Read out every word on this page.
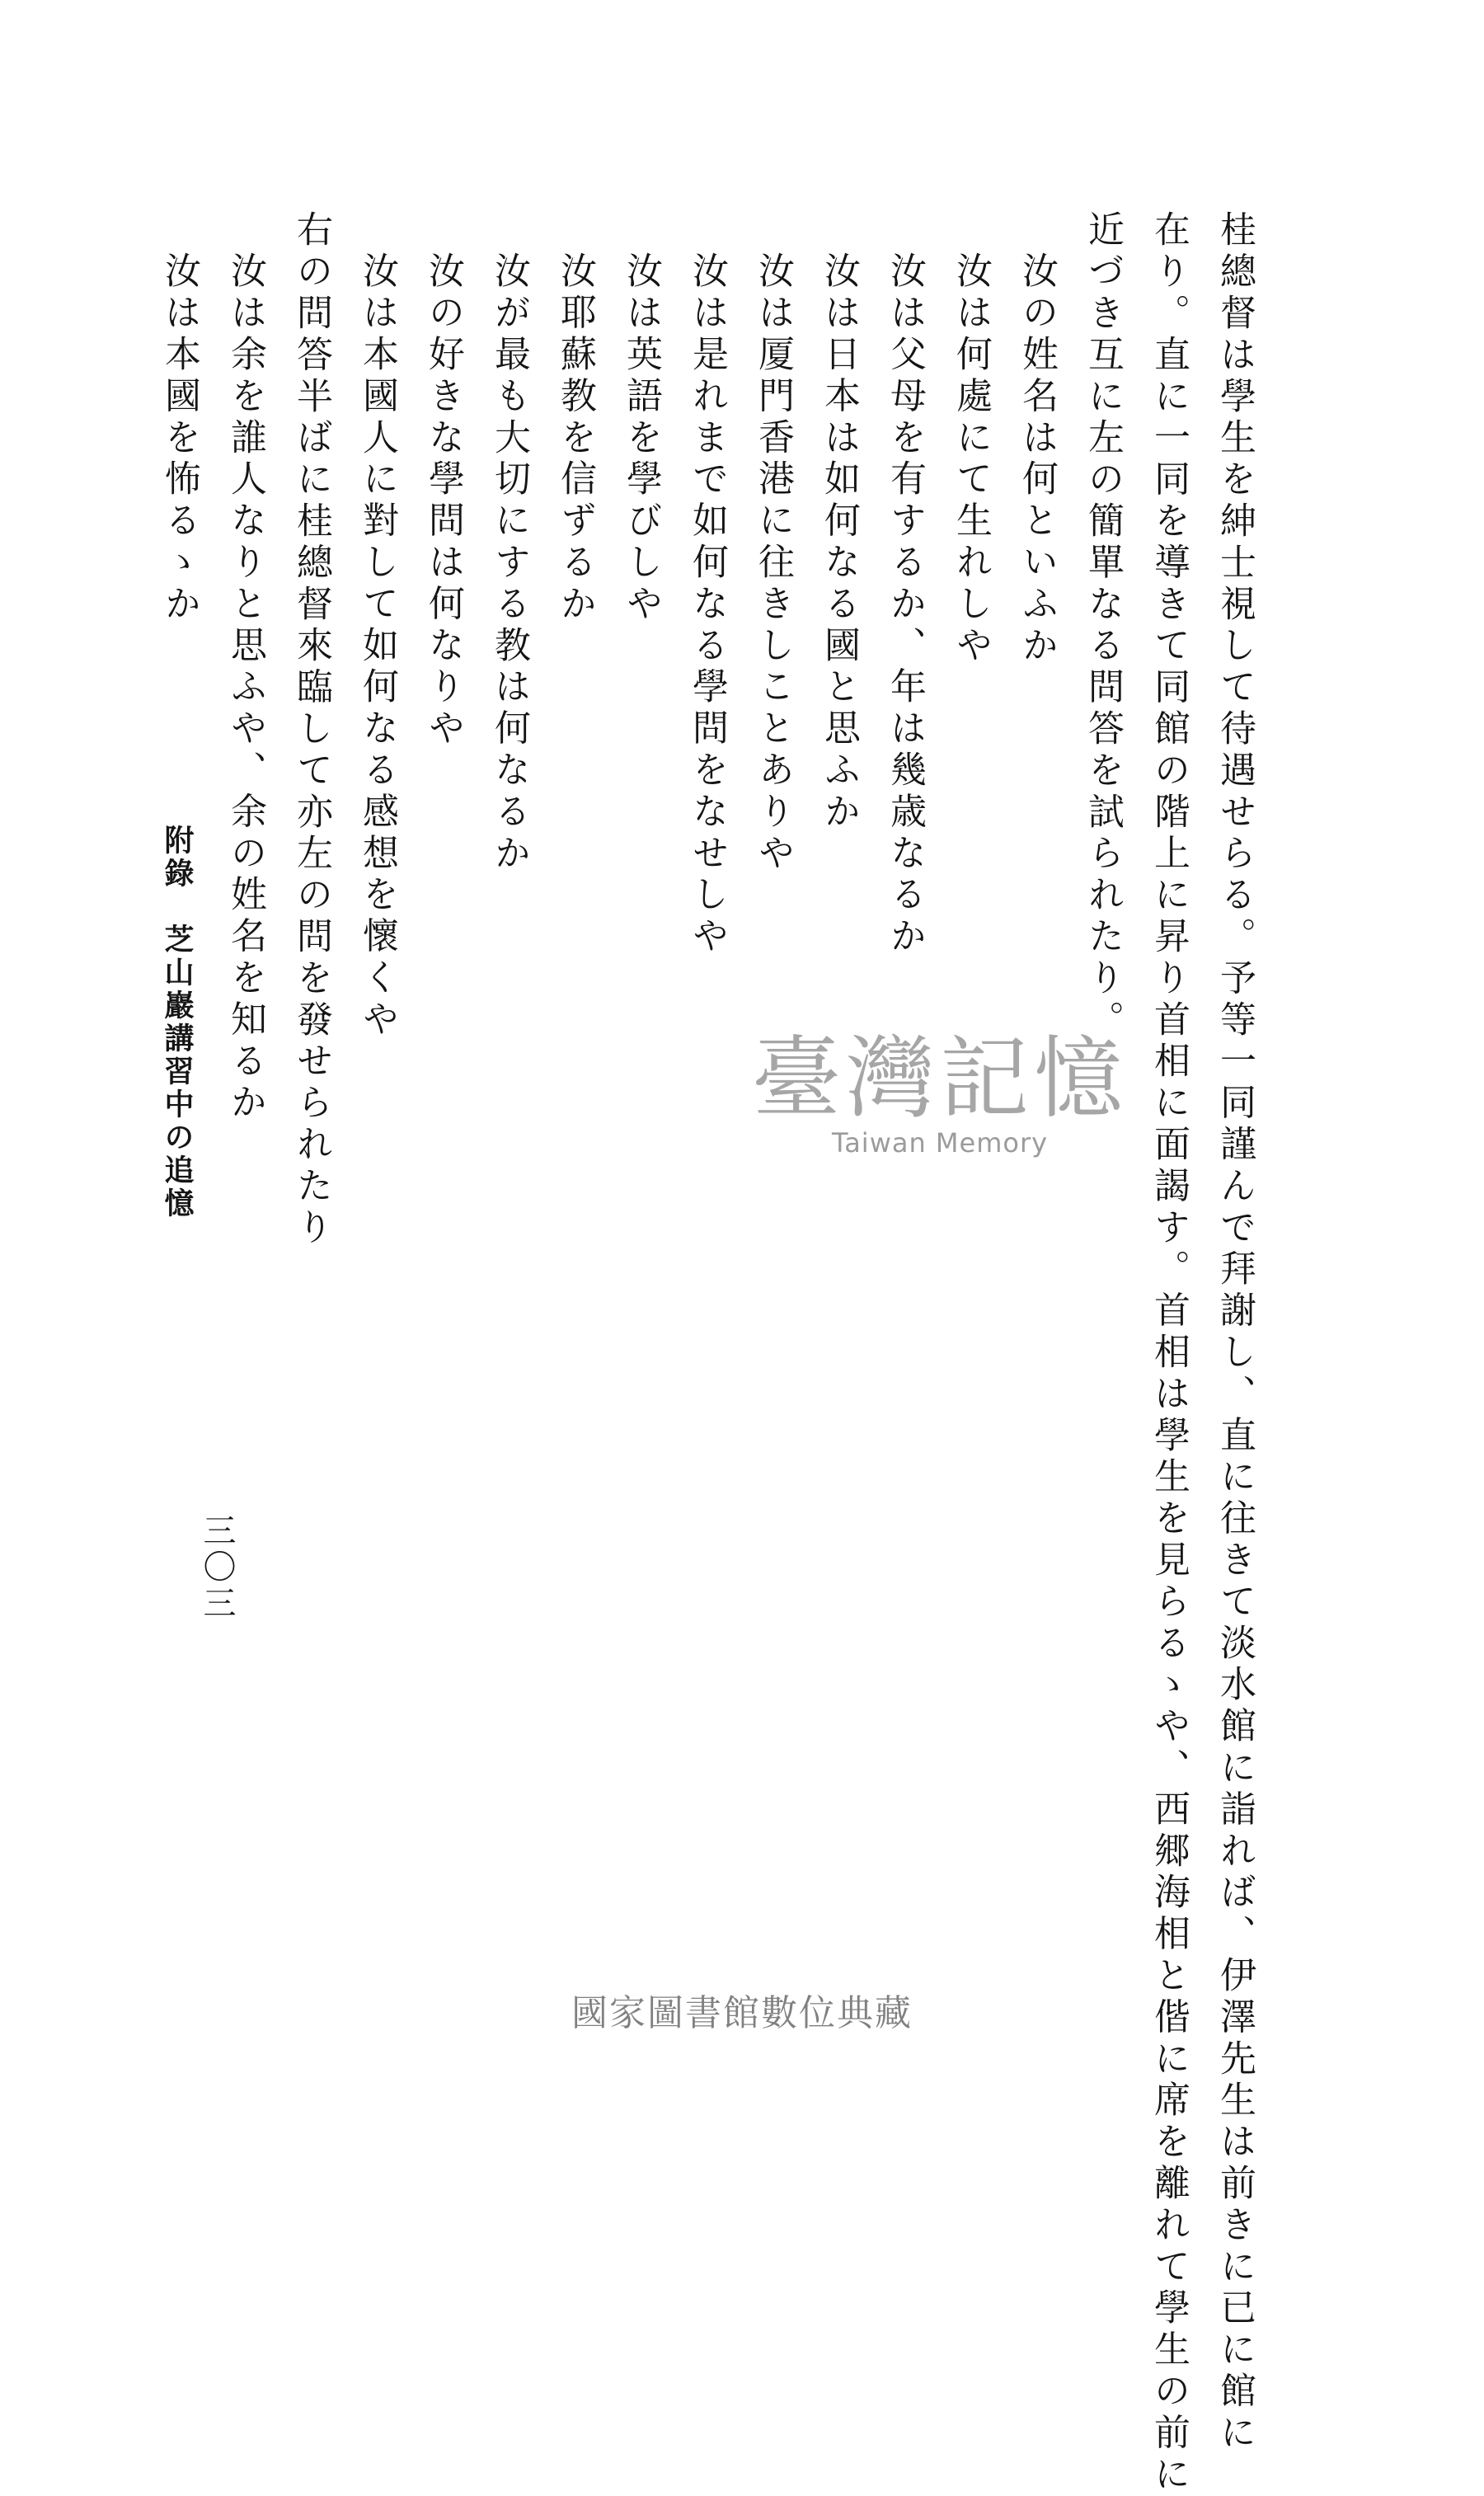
桂總督は學生を紳士視して待遇せらる。予等一同謹んで拜謝し、直に往きて淡水館に詣れば、伊澤先生は前きに已に館に
在り。直に一同を導きて同館の階上に昇り首相に面謁す。首相は學生を見らるゝや、西郷海相と偕に席を離れて學生の前に
近づき互に左の簡單なる問答を試られたり。
汝の姓名は何といふか
汝は何處にて生れしや
汝は父母を有するか、年は幾歳なるか
汝は日本は如何なる國と思ふか
汝は厦門香港に往きしことありや
汝は是れまで如何なる學問をなせしや
汝は英語を學びしや
汝耶蘇教を信ずるか
汝が最も大切にする教は何なるか
汝の好きな學問は何なりや
汝は本國人に對して如何なる感想を懷くや
右の問答半ばに桂總督來臨して亦左の問を發せられたり
汝は余を誰人なりと思ふや、余の姓名を知るか
汝は本國を怖るゝか
附錄　芝山巖講習中の追憶
三〇三
臺灣記憶
Taiwan Memory
國家圖書館數位典藏
